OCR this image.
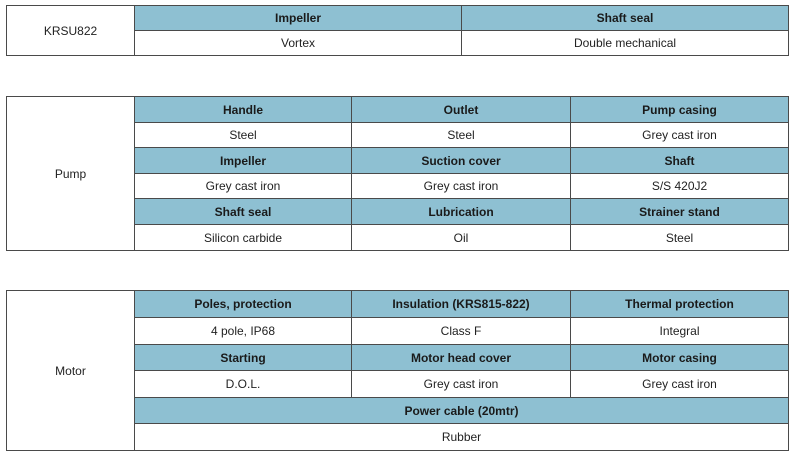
KRSU822	Impeller	Shaft seal
	Vortex	Double mechanical
Pump	Handle	Outlet	Pump casing
	Steel	Steel	Grey cast iron
	Impeller	Suction cover	Shaft
	Grey cast iron	Grey cast iron	S/S 420J2
	Shaft seal	Lubrication	Strainer stand
	Silicon carbide	Oil	Steel
Motor	Poles, protection	Insulation (KRS815-822)	Thermal protection
	4 pole, IP68	Class F	Integral
	Starting	Motor head cover	Motor casing
	D.O.L.	Grey cast iron	Grey cast iron
	Power cable (20mtr)		
	Rubber		
